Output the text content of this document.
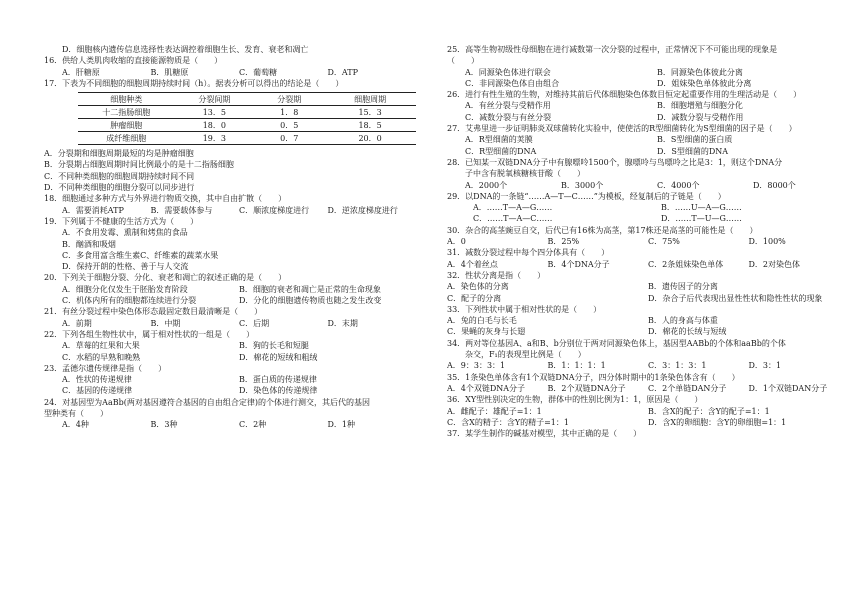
D．细胞核内遗传信息选择性表达调控着细胞生长、发育、衰老和凋亡
16．供给人类肌肉收缩的直接能源物质是（　　）
A．肝糖原	B．肌糖原	C．葡萄糖	D．ATP
17．下表为不同细胞的细胞周期持续时间（h）。据表分析可以得出的结论是（　　）
细胞种类	分裂间期	分裂期	细胞周期
十二指肠细胞	13．5	1．8	15．3
肿瘤细胞	18．0	0．5	18．5
成纤维细胞	19．3	0．7	20．0
A．分裂期和细胞周期最短的均是肿瘤细胞
B．分裂期占细胞周期时间比例最小的是十二指肠细胞
C．不同种类细胞的细胞周期持续时间不同
D．不同种类细胞的细胞分裂可以同步进行
18．细胞通过多种方式与外界进行物质交换，其中自由扩散（　　）
A．需要消耗ATP	B．需要载体参与	C．顺浓度梯度进行	D．逆浓度梯度进行
19．下列属于不健康的生活方式为（　　）
A．不食用发霉、熏制和烤焦的食品
B．酗酒和吸烟
C．多食用富含维生素C、纤维素的蔬菜水果
D．保持开朗的性格、善于与人交流
20．下列关于细胞分裂、分化、衰老和凋亡的叙述正确的是（　　）
A．细胞分化仅发生于胚胎发育阶段	B．细胞的衰老和凋亡是正常的生命现象
C．机体内所有的细胞都连续进行分裂	D．分化的细胞遗传物质也随之发生改变
21．有丝分裂过程中染色体形态最固定数目最清晰是（　　）
A．前期	B．中期	C．后期	D．末期
22．下列各组生物性状中，属于相对性状的一组是（　　）
A．草莓的红果和大果	B．狗的长毛和短腿
C．水稻的早熟和晚熟	D．棉花的短绒和粗绒
23．孟德尔遗传规律是指（　　）
A．性状的传递规律	B．蛋白质的传递规律
C．基因的传递规律	D．染色体的传递规律
24．对基因型为AaBb(两对基因遵符合基因的自由组合定律)的个体进行测交，其后代的基因
型种类有（　　）
A．4种	B．3种	C．2种	D．1种
25．高等生物初级性母细胞在进行减数第一次分裂的过程中，正常情况下不可能出现的现象是
（　　）
A．同源染色体进行联会	B．同源染色体彼此分离
C．非同源染色体自由组合	D．姐妹染色单体彼此分离
26．进行有性生殖的生物，对维持其前后代体细胞染色体数目恒定起重要作用的生理活动是（　　）
A．有丝分裂与受精作用	B．细胞增殖与细胞分化
C．减数分裂与有丝分裂	D．减数分裂与受精作用
27．艾弗里进一步证明肺炎双球菌转化实验中，使使活的R型细菌转化为S型细菌的因子是（　　）
A．R型细菌的荚膜	B．S型细菌的蛋白质
C．R型细菌的DNA	D．S型细菌的DNA
28．已知某一双链DNA分子中有腺嘌呤1500个，腺嘌呤与鸟嘌呤之比是3：1，则这个DNA分
子中含有脱氧核糖核苷酸（　　）
A．2000个	B．3000个	C．4000个	D．8000个
29．以DNA的一条链“……A—T—C……”为模板，经复制后的子链是（　　）
A．……T—A—G……	B．……U—A—G……
C．……T—A—C……	D．……T—U—G……
30．杂合的高茎豌豆自交，后代已有16株为高茎，第17株还是高茎的可能性是（　　）
A．0	B．25%	C．75%	D．100%
31．减数分裂过程中每个四分体具有（　　）
A．4个着丝点	B．4个DNA分子	C．2条姐妹染色单体	D．2对染色体
32．性状分离是指（　　）
A．染色体的分离	B．遗传因子的分离
C．配子的分离	D．杂合子后代表现出显性性状和隐性性状的现象
33．下列性状中属于相对性状的是（　　）
A．兔的白毛与长毛	B．人的身高与体重
C．果蝇的灰身与长翅	D．棉花的长绒与短绒
34．两对等位基因A、a和B、b分别位于两对同源染色体上，基因型AABb的个体和aaBb的个体
杂交，F₁的表现型比例是（　　）
A．9：3：3：1	B．1：1：1：1	C．3：1：3：1	D．3：1
35．1条染色单体含有1个双链DNA分子，四分体时期中的1条染色体含有（　　）
A．4个双链DNA分子	B．2个双链DNA分子	C．2个单链DAN分子	D．1个双链DAN分子
36．XY型性别决定的生物，群体中的性别比例为1：1，原因是（　　）
A．雌配子：雄配子=1：1	B．含X的配子：含Y的配子=1：1
C．含X的精子：含Y的精子=1：1	D．含X的卵细胞：含Y的卵细胞=1：1
37．某学生制作的碱基对模型，其中正确的是（　　）
